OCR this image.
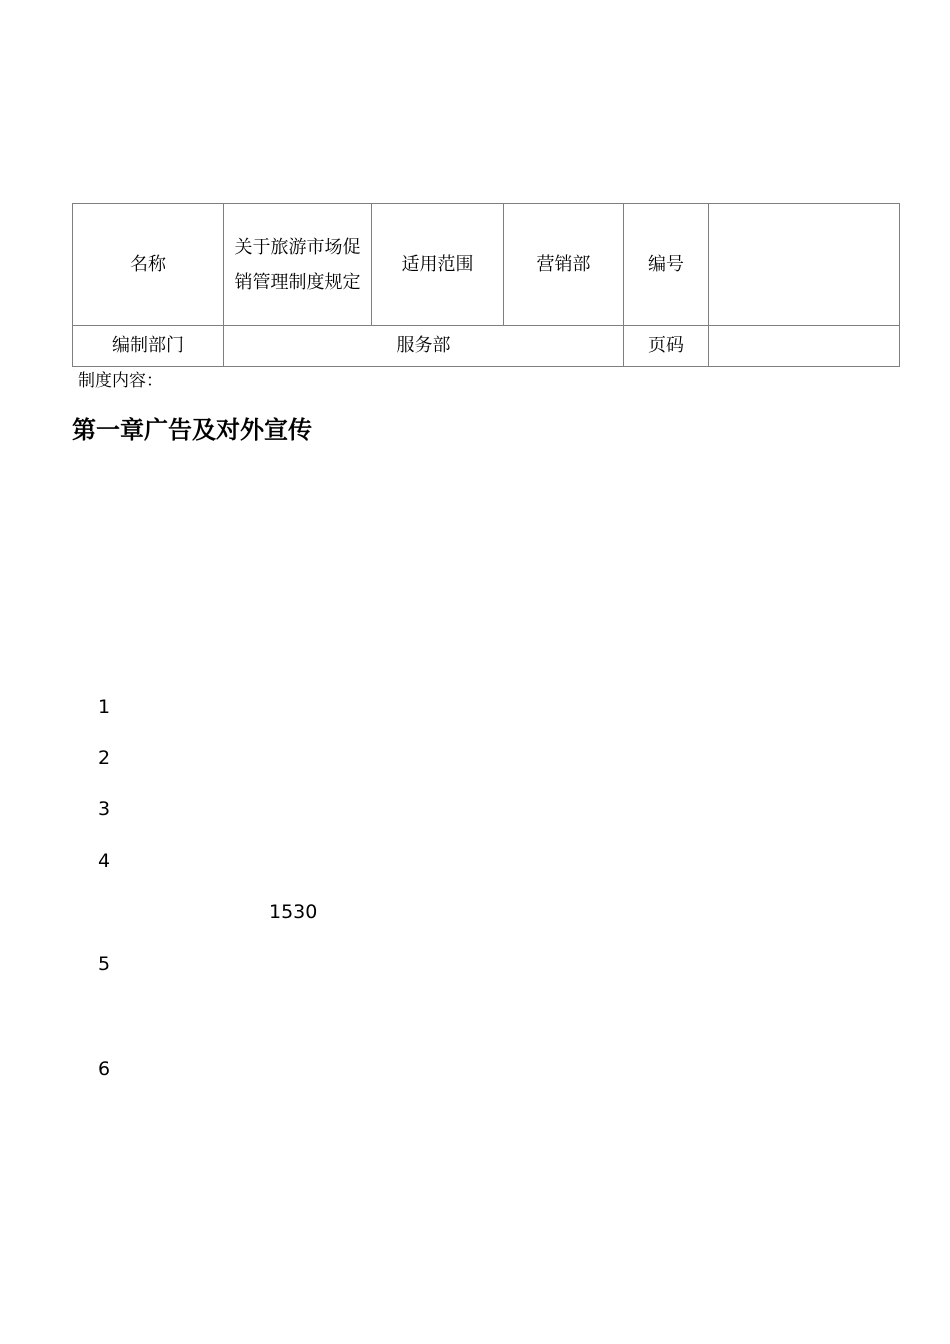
名称	关于旅游市场促销管理制度规定	适用范围	营销部	编号	
编制部门	服务部			页码	
制度内容：
第一章广告及对外宣传
1
2
3
4
1530
5
6
